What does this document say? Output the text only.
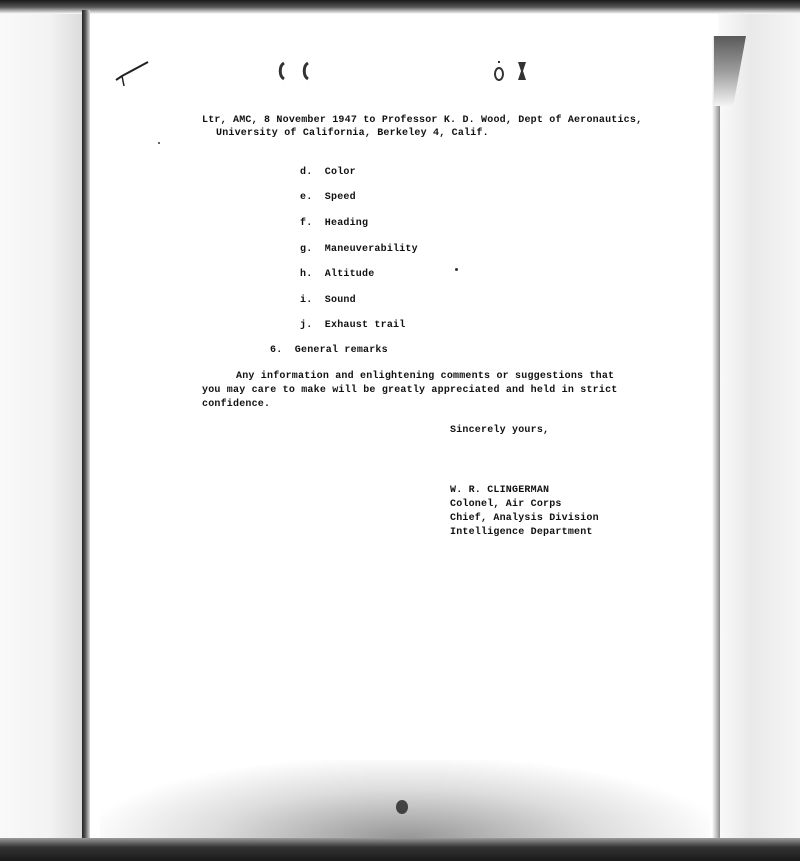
Ltr, AMC, 8 November 1947 to Professor K. D. Wood, Dept of Aeronautics,
University of California, Berkeley 4, Calif.
d.  Color
e.  Speed
f.  Heading
g.  Maneuverability
h.  Altitude
i.  Sound
j.  Exhaust trail
6.  General remarks
Any information and enlightening comments or suggestions that
you may care to make will be greatly appreciated and held in strict
confidence.
Sincerely yours,
W. R. CLINGERMAN
Colonel, Air Corps
Chief, Analysis Division
Intelligence Department
